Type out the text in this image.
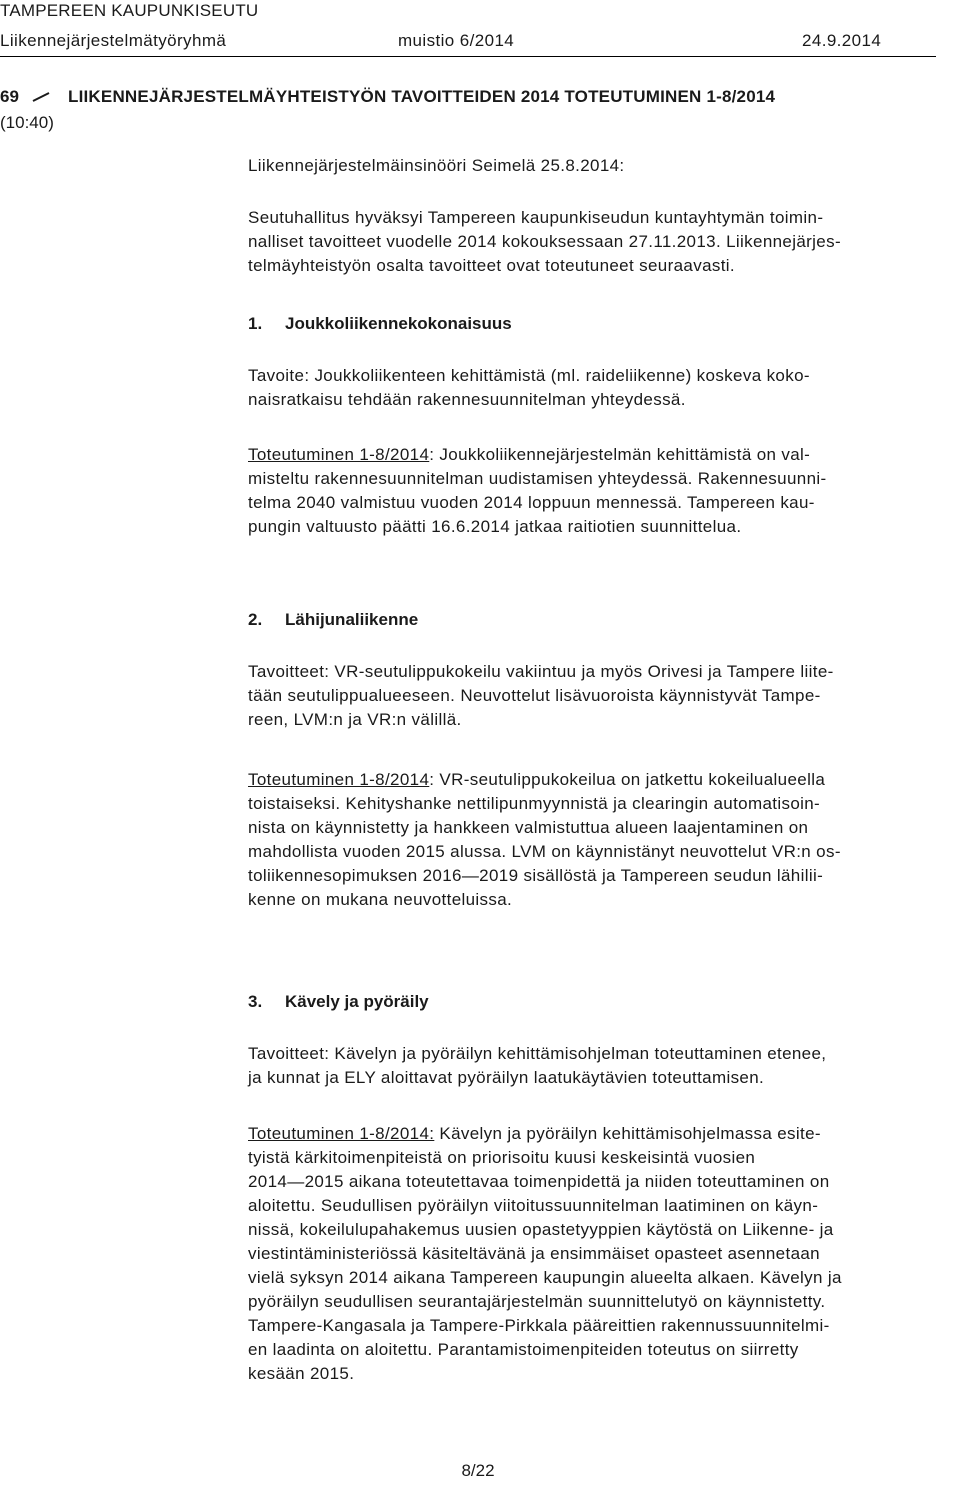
TAMPEREEN KAUPUNKISEUTU
Liikennejärjestelmätyöryhmä	muistio 6/2014	24.9.2014
69	LIIKENNEJÄRJESTELMÄYHTEISTYÖN TAVOITTEIDEN 2014 TOTEUTUMINEN 1-8/2014
(10:40)

Liikennejärjestelmäinsinööri Seimelä 25.8.2014:

Seutuhallitus hyväksyi Tampereen kaupunkiseudun kuntayhtymän toimin-
nalliset tavoitteet vuodelle 2014 kokouksessaan 27.11.2013. Liikennejärjes-
telmäyhteistyön osalta tavoitteet ovat toteutuneet seuraavasti.

1. Joukkoliikennekokonaisuus

Tavoite: Joukkoliikenteen kehittämistä (ml. raideliikenne) koskeva koko-
naisratkaisu tehdään rakennesuunnitelman yhteydessä.

Toteutuminen 1-8/2014: Joukkoliikennejärjestelmän kehittämistä on val-
misteltu rakennesuunnitelman uudistamisen yhteydessä. Rakennesuunni-
telma 2040 valmistuu vuoden 2014 loppuun mennessä. Tampereen kau-
pungin valtuusto päätti 16.6.2014 jatkaa raitiotien suunnittelua.

2. Lähijunaliikenne

Tavoitteet: VR-seutulippukokeilu vakiintuu ja myös Orivesi ja Tampere liite-
tään seutulippualueeseen. Neuvottelut lisävuoroista käynnistyvät Tampe-
reen, LVM:n ja VR:n välillä.

Toteutuminen 1-8/2014: VR-seutulippukokeilua on jatkettu kokeilualueella
toistaiseksi. Kehityshanke nettilipunmyynnistä ja clearingin automatisoin-
nista on käynnistetty ja hankkeen valmistuttua alueen laajentaminen on
mahdollista vuoden 2015 alussa. LVM on käynnistänyt neuvottelut VR:n os-
toliikennesopimuksen 2016—2019 sisällöstä ja Tampereen seudun lähilii-
kenne on mukana neuvotteluissa.

3. Kävely ja pyöräily

Tavoitteet: Kävelyn ja pyöräilyn kehittämisohjelman toteuttaminen etenee,
ja kunnat ja ELY aloittavat pyöräilyn laatukäytävien toteuttamisen.

Toteutuminen 1-8/2014: Kävelyn ja pyöräilyn kehittämisohjelmassa esite-
tyistä kärkitoimenpiteistä on priorisoitu kuusi keskeisintä vuosien
2014—2015 aikana toteutettavaa toimenpidettä ja niiden toteuttaminen on
aloitettu. Seudullisen pyöräilyn viitoitussuunnitelman laatiminen on käyn-
nissä, kokeilulupahakemus uusien opastetyyppien käytöstä on Liikenne- ja
viestintäministeriössä käsiteltävänä ja ensimmäiset opasteet asennetaan
vielä syksyn 2014 aikana Tampereen kaupungin alueelta alkaen. Kävelyn ja
pyöräilyn seudullisen seurantajärjestelmän suunnittelutyö on käynnistetty.
Tampere-Kangasala ja Tampere-Pirkkala pääreittien rakennussuunnitelmi-
en laadinta on aloitettu. Parantamistoimenpiteiden toteutus on siirretty
kesään 2015.

8/22
